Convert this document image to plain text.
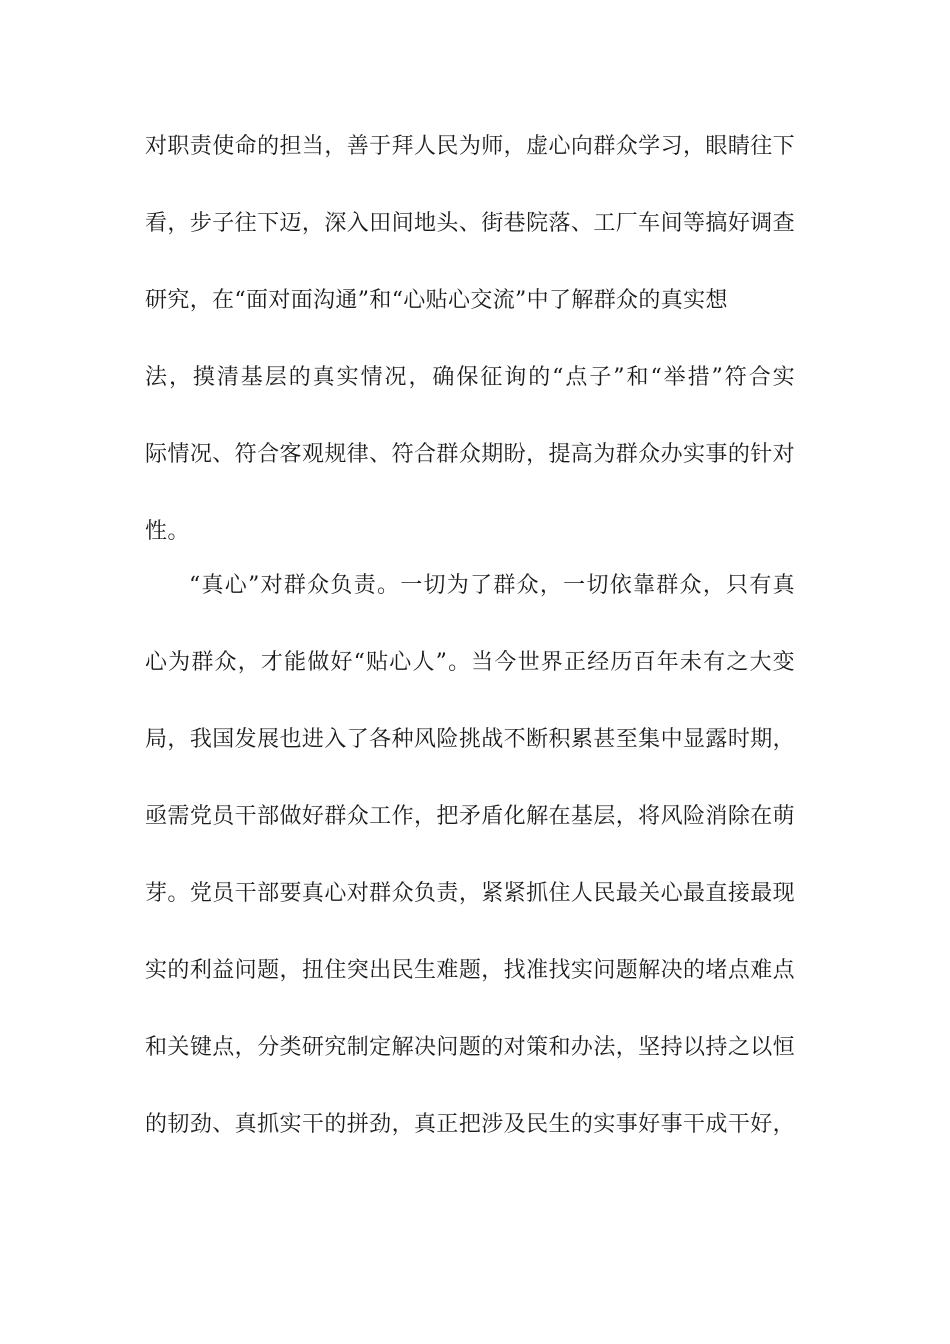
对职责使命的担当，善于拜人民为师，虚心向群众学习，眼睛往下
看，步子往下迈，深入田间地头、街巷院落、工厂车间等搞好调查
研究，在“面对面沟通”和“心贴心交流”中了解群众的真实想
法，摸清基层的真实情况，确保征询的“点子”和“举措”符合实
际情况、符合客观规律、符合群众期盼，提高为群众办实事的针对
性。
“真心”对群众负责。一切为了群众，一切依靠群众，只有真
心为群众，才能做好“贴心人”。当今世界正经历百年未有之大变
局，我国发展也进入了各种风险挑战不断积累甚至集中显露时期，
亟需党员干部做好群众工作，把矛盾化解在基层，将风险消除在萌
芽。党员干部要真心对群众负责，紧紧抓住人民最关心最直接最现
实的利益问题，扭住突出民生难题，找准找实问题解决的堵点难点
和关键点，分类研究制定解决问题的对策和办法，坚持以持之以恒
的韧劲、真抓实干的拼劲，真正把涉及民生的实事好事干成干好，
